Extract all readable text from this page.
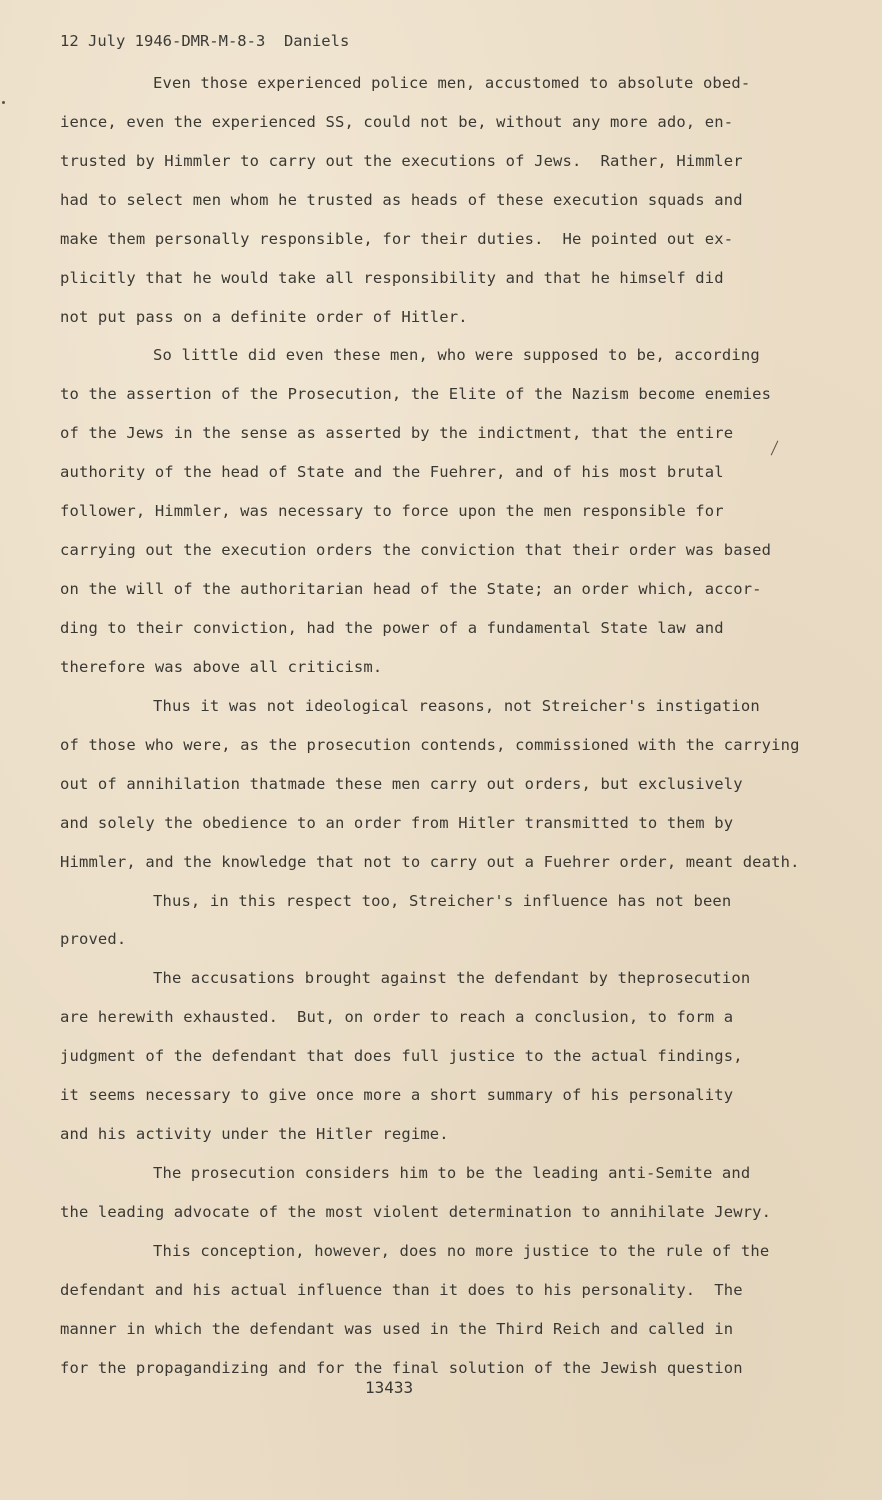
12 July 1946-DMR-M-8-3  Daniels
Even those experienced police men, accustomed to absolute obed-
ience, even the experienced SS, could not be, without any more ado, en-
trusted by Himmler to carry out the executions of Jews.  Rather, Himmler
had to select men whom he trusted as heads of these execution squads and
make them personally responsible, for their duties.  He pointed out ex-
plicitly that he would take all responsibility and that he himself did
not put pass on a definite order of Hitler.
So little did even these men, who were supposed to be, according
to the assertion of the Prosecution, the Elite of the Nazism become enemies
of the Jews in the sense as asserted by the indictment, that the entire
authority of the head of State and the Fuehrer, and of his most brutal
follower, Himmler, was necessary to force upon the men responsible for
carrying out the execution orders the conviction that their order was based
on the will of the authoritarian head of the State; an order which, accor-
ding to their conviction, had the power of a fundamental State law and
therefore was above all criticism.
Thus it was not ideological reasons, not Streicher's instigation
of those who were, as the prosecution contends, commissioned with the carrying
out of annihilation thatmade these men carry out orders, but exclusively
and solely the obedience to an order from Hitler transmitted to them by
Himmler, and the knowledge that not to carry out a Fuehrer order, meant death.
Thus, in this respect too, Streicher's influence has not been
proved.
The accusations brought against the defendant by theprosecution
are herewith exhausted.  But, on order to reach a conclusion, to form a
judgment of the defendant that does full justice to the actual findings,
it seems necessary to give once more a short summary of his personality
and his activity under the Hitler regime.
The prosecution considers him to be the leading anti-Semite and
the leading advocate of the most violent determination to annihilate Jewry.
This conception, however, does no more justice to the rule of the
defendant and his actual influence than it does to his personality.  The
manner in which the defendant was used in the Third Reich and called in
for the propagandizing and for the final solution of the Jewish question
13433
